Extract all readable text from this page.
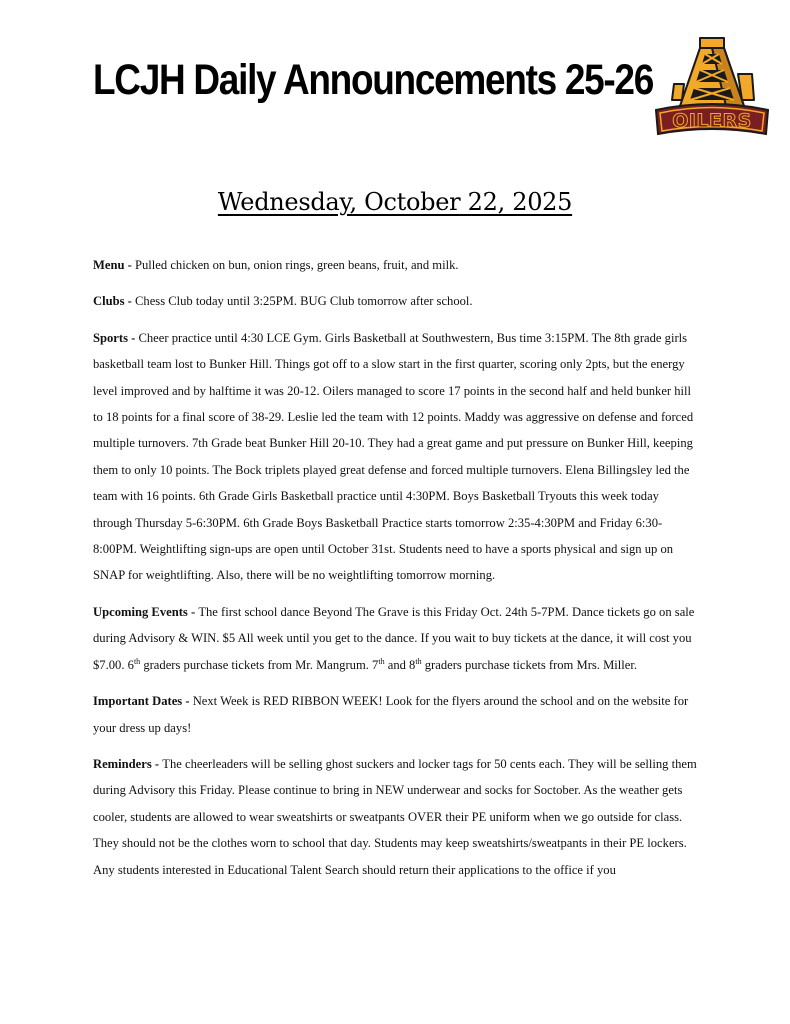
LCJH Daily Announcements 25-26
OILERS
Wednesday, October 22, 2025

Menu - Pulled chicken on bun, onion rings, green beans, fruit, and milk.

Clubs - Chess Club today until 3:25PM. BUG Club tomorrow after school.

Sports - Cheer practice until 4:30 LCE Gym. Girls Basketball at Southwestern, Bus time 3:15PM. The 8th grade girls basketball team lost to Bunker Hill. Things got off to a slow start in the first quarter, scoring only 2pts, but the energy level improved and by halftime it was 20-12. Oilers managed to score 17 points in the second half and held bunker hill to 18 points for a final score of 38-29. Leslie led the team with 12 points. Maddy was aggressive on defense and forced multiple turnovers. 7th Grade beat Bunker Hill 20-10. They had a great game and put pressure on Bunker Hill, keeping them to only 10 points. The Bock triplets played great defense and forced multiple turnovers. Elena Billingsley led the team with 16 points. 6th Grade Girls Basketball practice until 4:30PM. Boys Basketball Tryouts this week today through Thursday 5-6:30PM. 6th Grade Boys Basketball Practice starts tomorrow 2:35-4:30PM and Friday 6:30-8:00PM. Weightlifting sign-ups are open until October 31st. Students need to have a sports physical and sign up on SNAP for weightlifting. Also, there will be no weightlifting tomorrow morning.

Upcoming Events - The first school dance Beyond The Grave is this Friday Oct. 24th 5-7PM. Dance tickets go on sale during Advisory & WIN. $5 All week until you get to the dance. If you wait to buy tickets at the dance, it will cost you $7.00. 6th graders purchase tickets from Mr. Mangrum. 7th and 8th graders purchase tickets from Mrs. Miller.

Important Dates - Next Week is RED RIBBON WEEK! Look for the flyers around the school and on the website for your dress up days!

Reminders - The cheerleaders will be selling ghost suckers and locker tags for 50 cents each. They will be selling them during Advisory this Friday. Please continue to bring in NEW underwear and socks for Soctober. As the weather gets cooler, students are allowed to wear sweatshirts or sweatpants OVER their PE uniform when we go outside for class. They should not be the clothes worn to school that day. Students may keep sweatshirts/sweatpants in their PE lockers. Any students interested in Educational Talent Search should return their applications to the office if you
